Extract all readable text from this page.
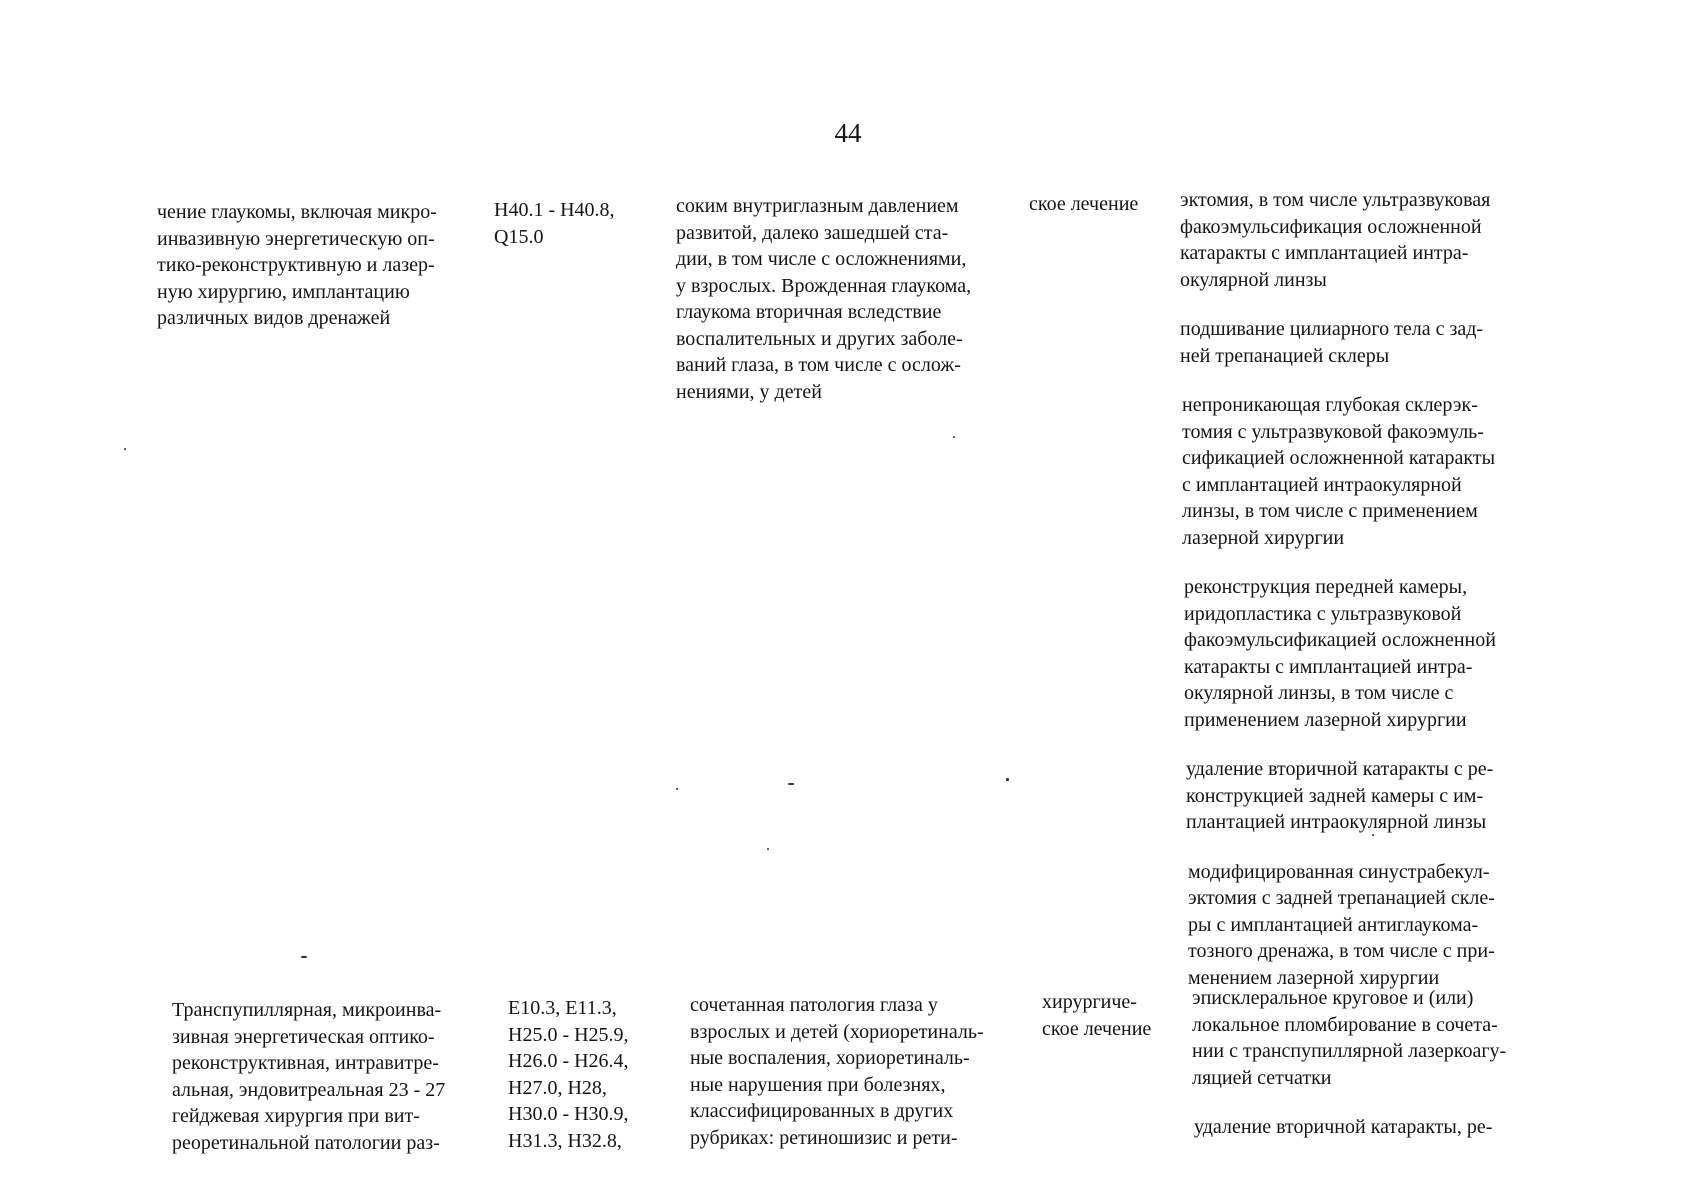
44
чение глаукомы, включая микро-
инвазивную энергетическую оп-
тико-реконструктивную и лазер-
ную хирургию, имплантацию
различных видов дренажей
H40.1 - H40.8,
Q15.0
соким внутриглазным давлением
развитой, далеко зашедшей ста-
дии, в том числе с осложнениями,
у взрослых. Врожденная глаукома,
глаукома вторичная вследствие
воспалительных и других заболе-
ваний глаза, в том числе с ослож-
нениями, у детей
ское лечение	эктомия, в том числе ультразвуковая
факоэмульсификация осложненной
катаракты с имплантацией интра-
окулярной линзы
подшивание цилиарного тела с зад-
ней трепанацией склеры
непроникающая глубокая склерэк-
томия с ультразвуковой факоэмуль-
сификацией осложненной катаракты
с имплантацией интраокулярной
линзы, в том числе с применением
лазерной хирургии
реконструкция передней камеры,
иридопластика с ультразвуковой
факоэмульсификацией осложненной
катаракты с имплантацией интра-
окулярной линзы, в том числе с
применением лазерной хирургии
удаление вторичной катаракты с ре-
конструкцией задней камеры с им-
плантацией интраокулярной линзы
модифицированная синустрабекул-
эктомия с задней трепанацией скле-
ры с имплантацией антиглаукома-
тозного дренажа, в том числе с при-
менением лазерной хирургии
Транспупиллярная, микроинва-
зивная энергетическая оптико-
реконструктивная, интравитре-
альная, эндовитреальная 23 - 27
гейджевая хирургия при вит-
реоретинальной патологии раз-
E10.3, E11.3,
H25.0 - H25.9,
H26.0 - H26.4,
H27.0, H28,
H30.0 - H30.9,
H31.3, H32.8,
сочетанная патология глаза у
взрослых и детей (хориоретиналь-
ные воспаления, хориоретиналь-
ные нарушения при болезнях,
классифицированных в других
рубриках: ретиношизис и рети-
хирургиче-
ское лечение
эписклеральное круговое и (или)
локальное пломбирование в сочета-
нии с транспупиллярной лазеркоагу-
ляцией сетчатки
удаление вторичной катаракты, ре-
